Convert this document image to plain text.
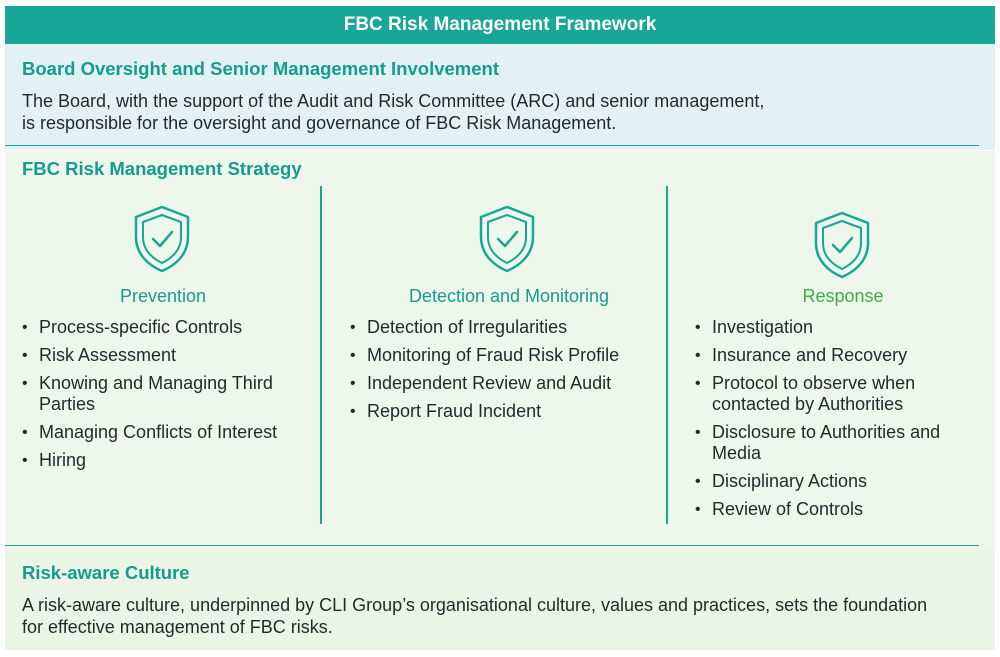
FBC Risk Management Framework
Board Oversight and Senior Management Involvement
The Board, with the support of the Audit and Risk Committee (ARC) and senior management,
is responsible for the oversight and governance of FBC Risk Management.
FBC Risk Management Strategy
Prevention
• Process-specific Controls
• Risk Assessment
• Knowing and Managing Third Parties
• Managing Conflicts of Interest
• Hiring
Detection and Monitoring
• Detection of Irregularities
• Monitoring of Fraud Risk Profile
• Independent Review and Audit
• Report Fraud Incident
Response
• Investigation
• Insurance and Recovery
• Protocol to observe when contacted by Authorities
• Disclosure to Authorities and Media
• Disciplinary Actions
• Review of Controls
Risk-aware Culture
A risk-aware culture, underpinned by CLI Group’s organisational culture, values and practices, sets the foundation
for effective management of FBC risks.
